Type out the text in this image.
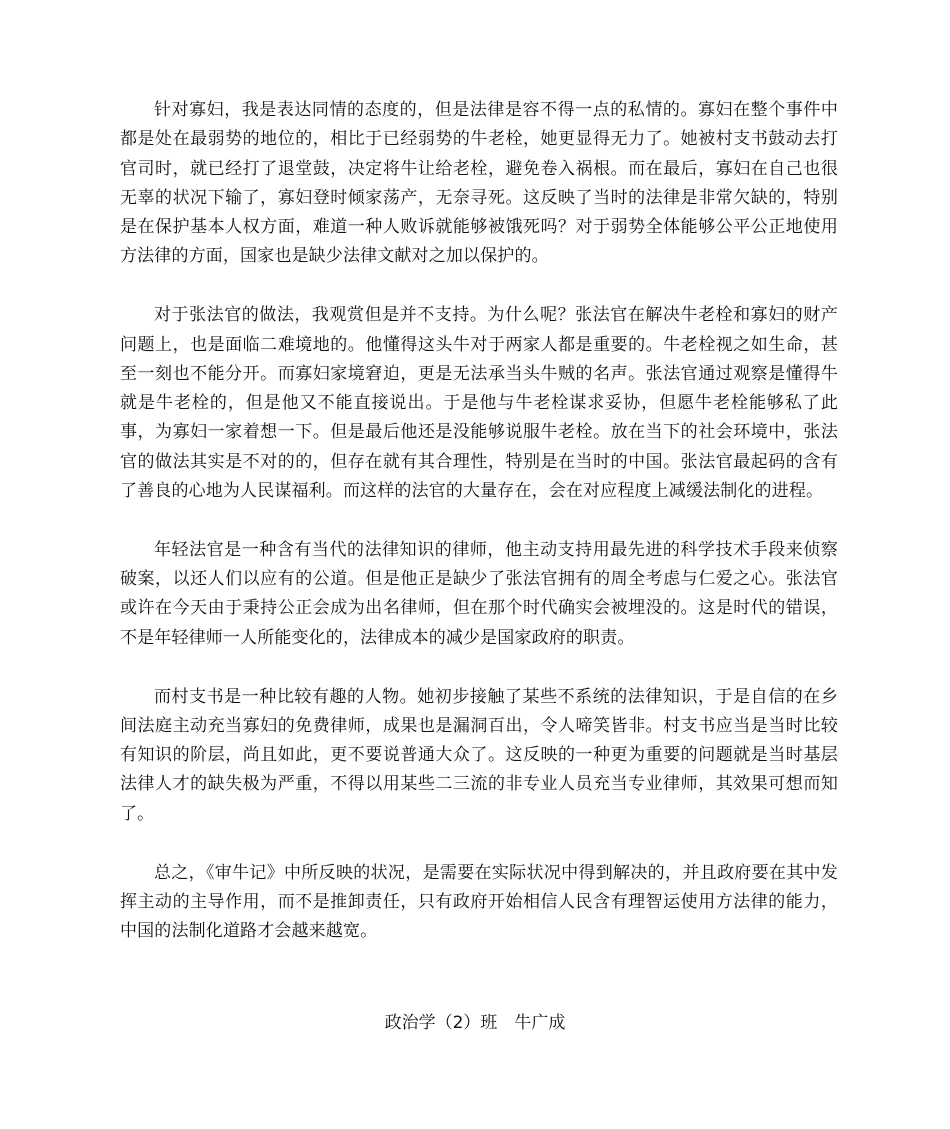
针对寡妇，我是表达同情的态度的，但是法律是容不得一点的私情的。寡妇在整个事件中都是处在最弱势的地位的，相比于已经弱势的牛老栓，她更显得无力了。她被村支书鼓动去打官司时，就已经打了退堂鼓，决定将牛让给老栓，避免卷入祸根。而在最后，寡妇在自己也很无辜的状况下输了，寡妇登时倾家荡产，无奈寻死。这反映了当时的法律是非常欠缺的，特别是在保护基本人权方面，难道一种人败诉就能够被饿死吗？对于弱势全体能够公平公正地使用方法律的方面，国家也是缺少法律文献对之加以保护的。

对于张法官的做法，我观赏但是并不支持。为什么呢？张法官在解决牛老栓和寡妇的财产问题上，也是面临二难境地的。他懂得这头牛对于两家人都是重要的。牛老栓视之如生命，甚至一刻也不能分开。而寡妇家境窘迫，更是无法承当头牛贼的名声。张法官通过观察是懂得牛就是牛老栓的，但是他又不能直接说出。于是他与牛老栓谋求妥协，但愿牛老栓能够私了此事，为寡妇一家着想一下。但是最后他还是没能够说服牛老栓。放在当下的社会环境中，张法官的做法其实是不对的的，但存在就有其合理性，特别是在当时的中国。张法官最起码的含有了善良的心地为人民谋福利。而这样的法官的大量存在，会在对应程度上减缓法制化的进程。

年轻法官是一种含有当代的法律知识的律师，他主动支持用最先进的科学技术手段来侦察破案，以还人们以应有的公道。但是他正是缺少了张法官拥有的周全考虑与仁爱之心。张法官或许在今天由于秉持公正会成为出名律师，但在那个时代确实会被埋没的。这是时代的错误，不是年轻律师一人所能变化的，法律成本的减少是国家政府的职责。

而村支书是一种比较有趣的人物。她初步接触了某些不系统的法律知识，于是自信的在乡间法庭主动充当寡妇的免费律师，成果也是漏洞百出，令人啼笑皆非。村支书应当是当时比较有知识的阶层，尚且如此，更不要说普通大众了。这反映的一种更为重要的问题就是当时基层法律人才的缺失极为严重，不得以用某些二三流的非专业人员充当专业律师，其效果可想而知了。

总之，《审牛记》中所反映的状况，是需要在实际状况中得到解决的，并且政府要在其中发挥主动的主导作用，而不是推卸责任，只有政府开始相信人民含有理智运使用方法律的能力，中国的法制化道路才会越来越宽。

政治学（2）班　牛广成
